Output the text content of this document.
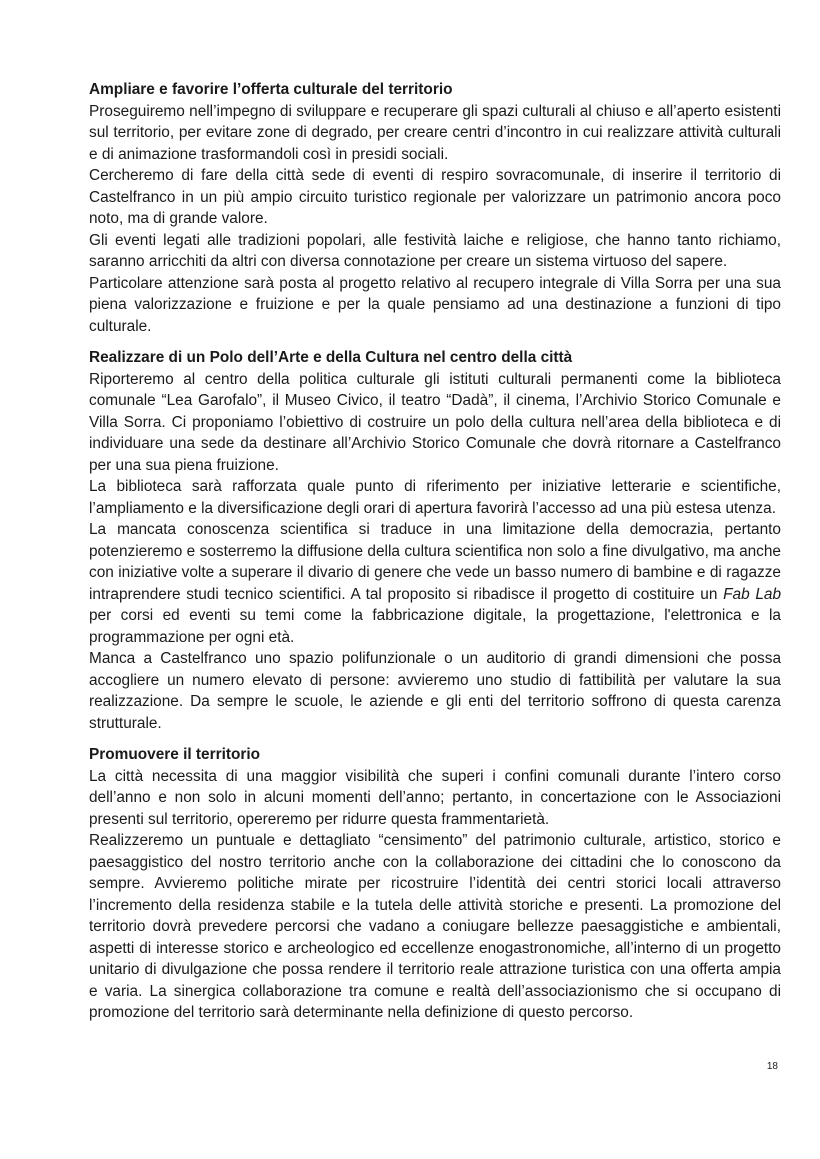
Ampliare e favorire l’offerta culturale del territorio

Proseguiremo nell’impegno di sviluppare e recuperare gli spazi culturali al chiuso e all’aperto esistenti sul territorio, per evitare zone di degrado, per creare centri d’incontro in cui realizzare attività culturali e di animazione trasformandoli così in presidi sociali.

Cercheremo di fare della città sede di eventi di respiro sovracomunale, di inserire il territorio di Castelfranco in un più ampio circuito turistico regionale per valorizzare un patrimonio ancora poco noto, ma di grande valore.

Gli eventi legati alle tradizioni popolari, alle festività laiche e religiose, che hanno tanto richiamo, saranno arricchiti da altri con diversa connotazione per creare un sistema virtuoso del sapere.

Particolare attenzione sarà posta al progetto relativo al recupero integrale di Villa Sorra per una sua piena valorizzazione e fruizione e per la quale pensiamo ad una destinazione a funzioni di tipo culturale.

Realizzare di un Polo dell’Arte e della Cultura nel centro della città

Riporteremo al centro della politica culturale gli istituti culturali permanenti come la biblioteca comunale “Lea Garofalo”, il Museo Civico, il teatro “Dadà”, il cinema, l’Archivio Storico Comunale e Villa Sorra. Ci proponiamo l’obiettivo di costruire un polo della cultura nell’area della biblioteca e di individuare una sede da destinare all’Archivio Storico Comunale che dovrà ritornare a Castelfranco per una sua piena fruizione.

La biblioteca sarà rafforzata quale punto di riferimento per iniziative letterarie e scientifiche, l’ampliamento e la diversificazione degli orari di apertura favorirà l’accesso ad una più estesa utenza.

La mancata conoscenza scientifica si traduce in una limitazione della democrazia, pertanto potenzieremo e sosterremo la diffusione della cultura scientifica non solo a fine divulgativo, ma anche con iniziative volte a superare il divario di genere che vede un basso numero di bambine e di ragazze intraprendere studi tecnico scientifici. A tal proposito si ribadisce il progetto di costituire un Fab Lab  per corsi ed eventi su temi come la fabbricazione digitale, la progettazione, l'elettronica e la programmazione per ogni età.

Manca a Castelfranco uno spazio polifunzionale o un auditorio di grandi dimensioni che possa accogliere un numero elevato di persone: avvieremo uno studio di fattibilità per valutare la sua realizzazione. Da sempre le scuole, le aziende e gli enti del territorio soffrono di questa carenza strutturale.

Promuovere il territorio

La città necessita di una maggior visibilità che superi i confini comunali durante l’intero corso dell’anno e non solo in alcuni momenti dell’anno; pertanto, in concertazione con le Associazioni presenti sul territorio, opereremo per ridurre questa frammentarietà.

Realizzeremo un puntuale e dettagliato “censimento” del patrimonio culturale, artistico, storico e paesaggistico del nostro territorio anche con la collaborazione dei cittadini che lo conoscono da sempre. Avvieremo politiche mirate per ricostruire l’identità dei centri storici locali attraverso l’incremento della residenza stabile e la tutela delle attività storiche e presenti. La promozione del territorio dovrà prevedere percorsi che vadano a coniugare bellezze paesaggistiche e ambientali, aspetti di interesse storico e archeologico ed eccellenze enogastronomiche, all’interno di un progetto unitario di divulgazione che possa rendere il territorio reale attrazione turistica con una offerta ampia e varia. La sinergica collaborazione tra comune e realtà dell’associazionismo che si occupano di promozione del territorio sarà determinante nella definizione di questo percorso.

18
